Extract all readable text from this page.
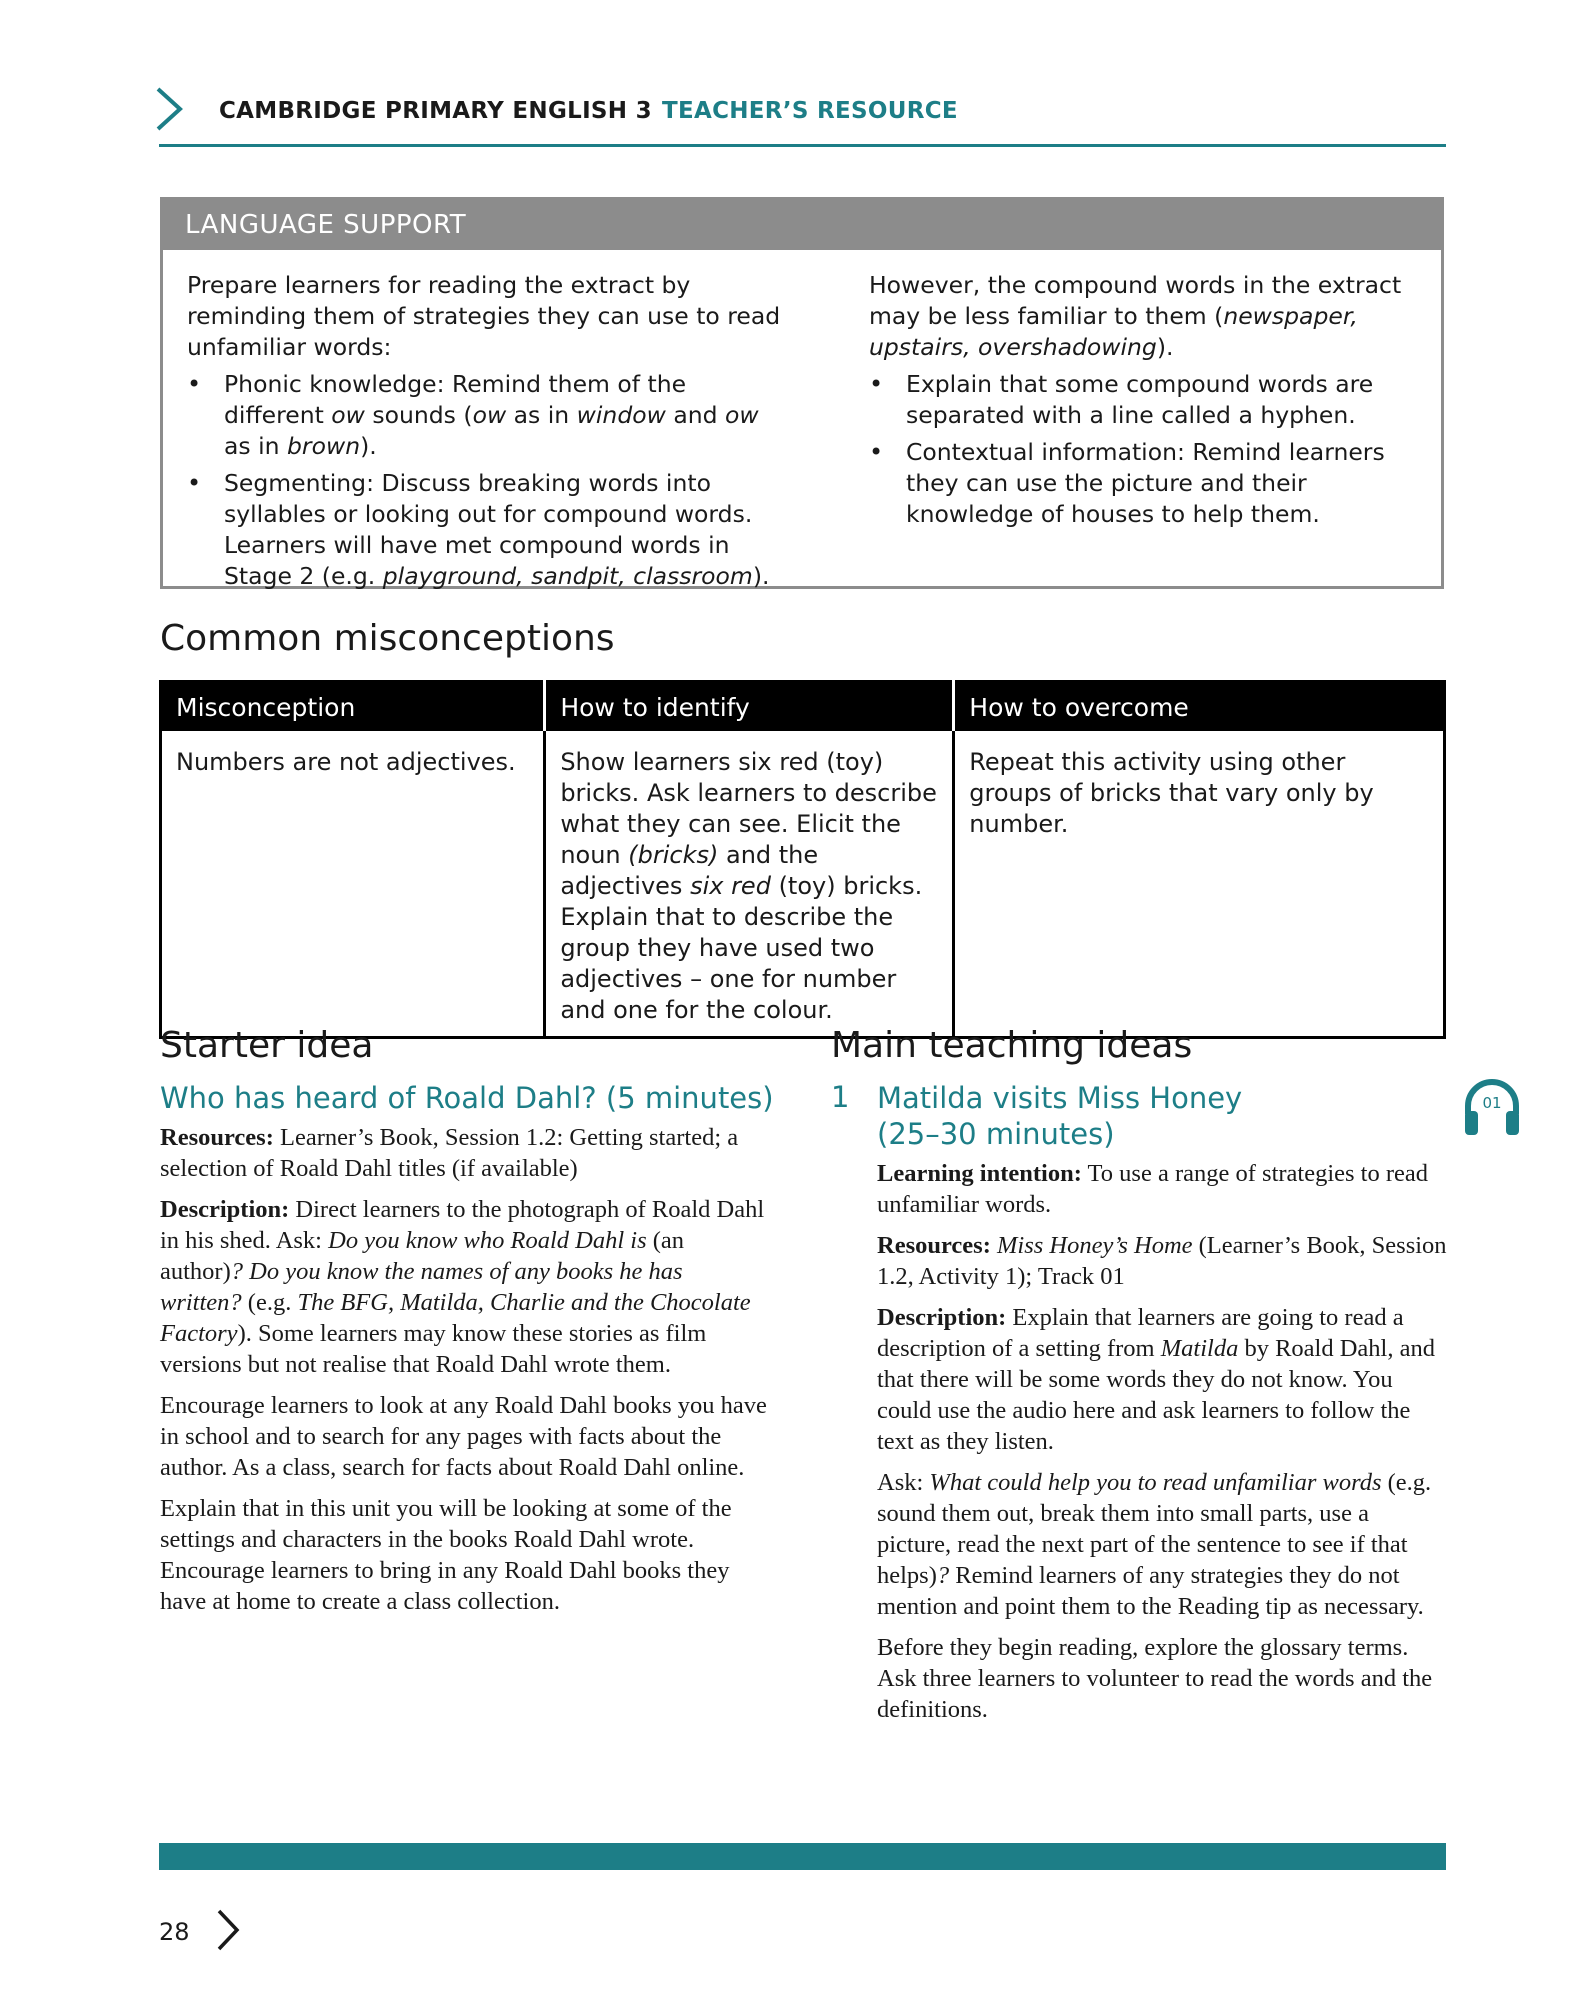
CAMBRIDGE PRIMARY ENGLISH 3 TEACHER’S RESOURCE
LANGUAGE SUPPORT

Prepare learners for reading the extract by reminding them of strategies they can use to read unfamiliar words:

• Phonic knowledge: Remind them of the different ow sounds (ow as in window and ow as in brown).
• Segmenting: Discuss breaking words into syllables or looking out for compound words. Learners will have met compound words in Stage 2 (e.g. playground, sandpit, classroom).

However, the compound words in the extract may be less familiar to them (newspaper, upstairs, overshadowing).

• Explain that some compound words are separated with a line called a hyphen.
• Contextual information: Remind learners they can use the picture and their knowledge of houses to help them.
Common misconceptions
Misconception	How to identify	How to overcome
Numbers are not adjectives.	Show learners six red (toy) bricks. Ask learners to describe what they can see. Elicit the noun (bricks) and the adjectives six red (toy) bricks. Explain that to describe the group they have used two adjectives – one for number and one for the colour.	Repeat this activity using other groups of bricks that vary only by number.
Starter idea
Who has heard of Roald Dahl? (5 minutes)

Resources: Learner’s Book, Session 1.2: Getting started; a selection of Roald Dahl titles (if available)

Description: Direct learners to the photograph of Roald Dahl in his shed. Ask: Do you know who Roald Dahl is (an author)? Do you know the names of any books he has written? (e.g. The BFG, Matilda, Charlie and the Chocolate Factory). Some learners may know these stories as film versions but not realise that Roald Dahl wrote them.

Encourage learners to look at any Roald Dahl books you have in school and to search for any pages with facts about the author. As a class, search for facts about Roald Dahl online.

Explain that in this unit you will be looking at some of the settings and characters in the books Roald Dahl wrote. Encourage learners to bring in any Roald Dahl books they have at home to create a class collection.

Main teaching ideas
1 Matilda visits Miss Honey (25–30 minutes)

Learning intention: To use a range of strategies to read unfamiliar words.

Resources: Miss Honey’s Home (Learner’s Book, Session 1.2, Activity 1); Track 01

Description: Explain that learners are going to read a description of a setting from Matilda by Roald Dahl, and that there will be some words they do not know. You could use the audio here and ask learners to follow the text as they listen.

Ask: What could help you to read unfamiliar words (e.g. sound them out, break them into small parts, use a picture, read the next part of the sentence to see if that helps)? Remind learners of any strategies they do not mention and point them to the Reading tip as necessary.

Before they begin reading, explore the glossary terms. Ask three learners to volunteer to read the words and the definitions.

01
28
